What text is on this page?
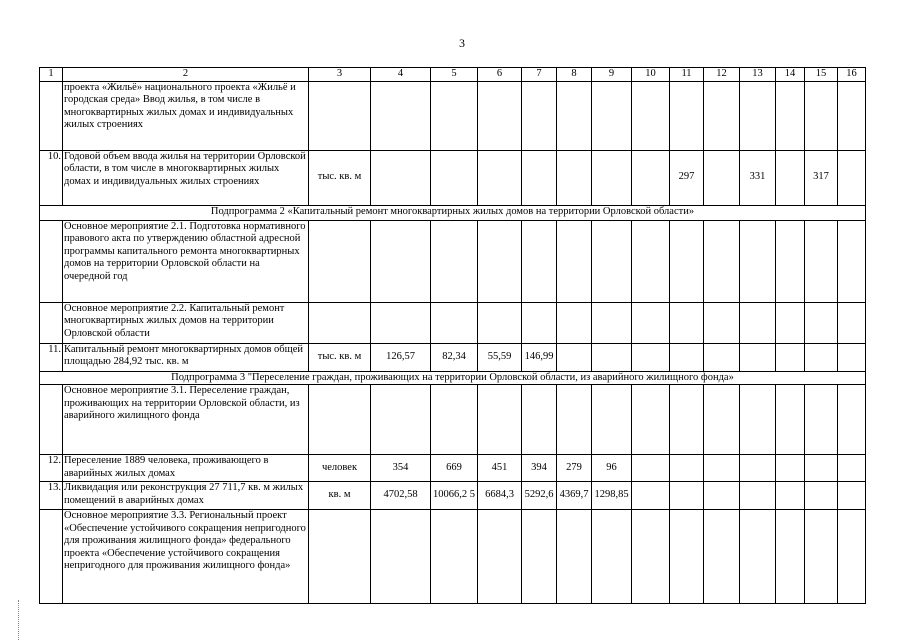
3
1	2	3	4	5	6	7	8	9	10	11	12	13	14	15	16
	проекта «Жильё» национального проекта «Жильё и городская среда» Ввод жилья, в том числе в многоквартирных жилых домах и индивидуальных жилых строениях														
10.	Годовой объем ввода жилья на территории Орловской области, в том числе в многоквартирных жилых домах и индивидуальных жилых строениях	тыс. кв. м								297		331		317	
Подпрограмма 2 «Капитальный ремонт многоквартирных жилых домов на территории Орловской области»															
	Основное мероприятие 2.1. Подготовка нормативного правового акта по утверждению областной адресной программы капитального ремонта многоквартирных домов на территории Орловской области на очередной год														
	Основное мероприятие 2.2. Капитальный ремонт многоквартирных жилых домов на территории Орловской области														
11.	Капитальный ремонт многоквартирных домов общей площадью 284,92 тыс. кв. м	тыс. кв. м	126,57	82,34	55,59	146,99									
Подпрограмма 3 "Переселение граждан, проживающих на территории Орловской области, из аварийного жилищного фонда»															
	Основное мероприятие 3.1. Переселение граждан, проживающих на территории Орловской области, из аварийного жилищного фонда														
12.	Переселение 1889 человека, проживающего в аварийных жилых домах	человек	354	669	451	394	279	96							
13.	Ликвидация или реконструкция 27 711,7 кв. м жилых помещений в аварийных домах	кв. м	4702,58	10066,2 5	6684,3	5292,6	4369,7	1298,85							
	Основное мероприятие 3.3. Региональный проект «Обеспечение устойчивого сокращения непригодного для проживания жилищного фонда» федерального проекта «Обеспечение устойчивого сокращения непригодного для проживания жилищного фонда»														
